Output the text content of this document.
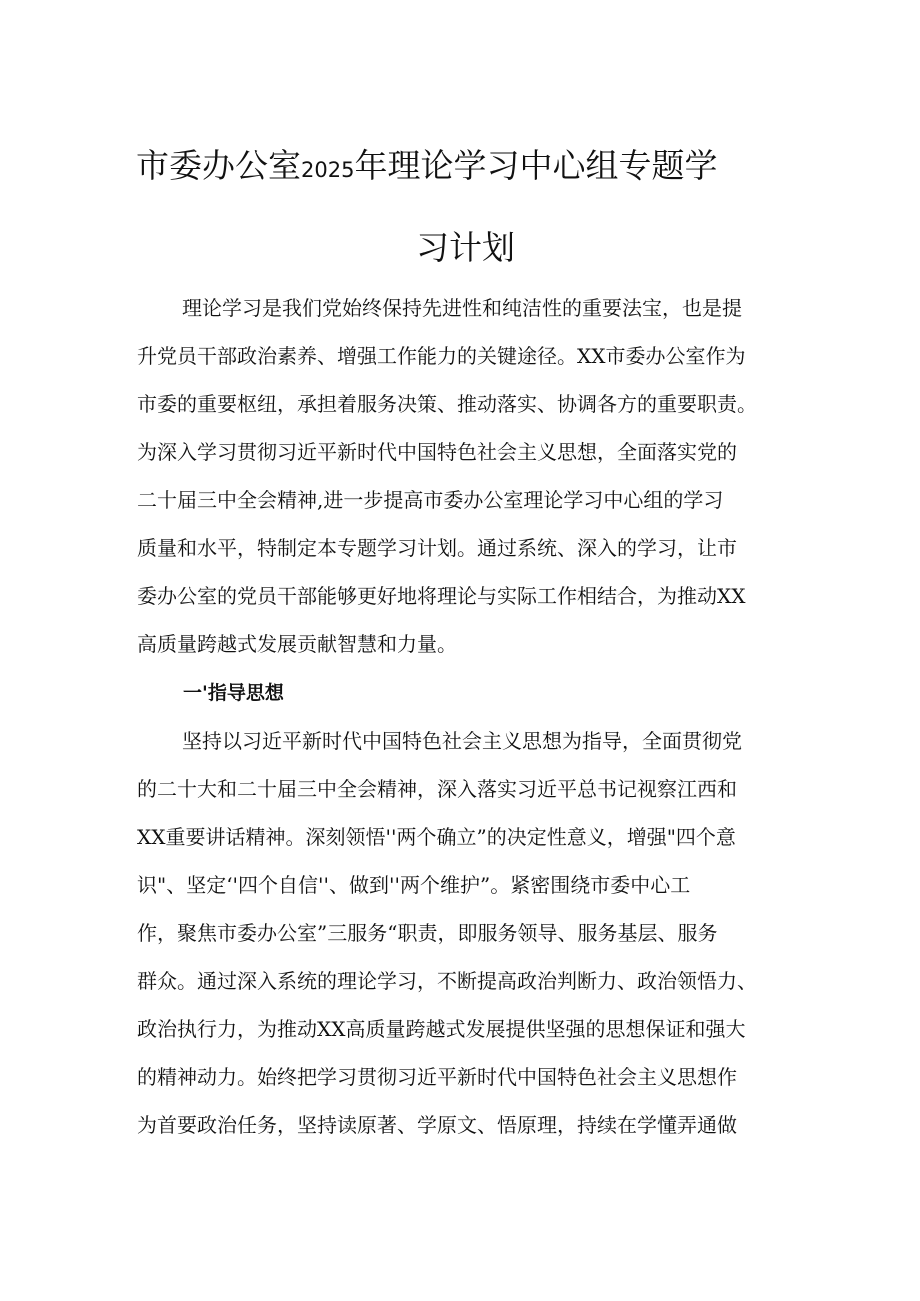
市委办公室2025年理论学习中心组专题学
习计划

理论学习是我们党始终保持先进性和纯洁性的重要法宝，也是提

升党员干部政治素养、增强工作能力的关键途径。XX市委办公室作为

市委的重要枢纽，承担着服务决策、推动落实、协调各方的重要职责。

为深入学习贯彻习近平新时代中国特色社会主义思想，全面落实党的

二十届三中全会精神,进一步提高市委办公室理论学习中心组的学习

质量和水平，特制定本专题学习计划。通过系统、深入的学习，让市

委办公室的党员干部能够更好地将理论与实际工作相结合，为推动XX

高质量跨越式发展贡献智慧和力量。

一'指导思想

坚持以习近平新时代中国特色社会主义思想为指导，全面贯彻党

的二十大和二十届三中全会精神，深入落实习近平总书记视察江西和

XX重要讲话精神。深刻领悟''两个确立”的决定性意义，增强"四个意

识"、坚定‘'四个自信''、做到''两个维护”。紧密围绕市委中心工

作，聚焦市委办公室”三服务“职责，即服务领导、服务基层、服务

群众。通过深入系统的理论学习，不断提高政治判断力、政治领悟力、

政治执行力，为推动XX高质量跨越式发展提供坚强的思想保证和强大

的精神动力。始终把学习贯彻习近平新时代中国特色社会主义思想作

为首要政治任务，坚持读原著、学原文、悟原理，持续在学懂弄通做
